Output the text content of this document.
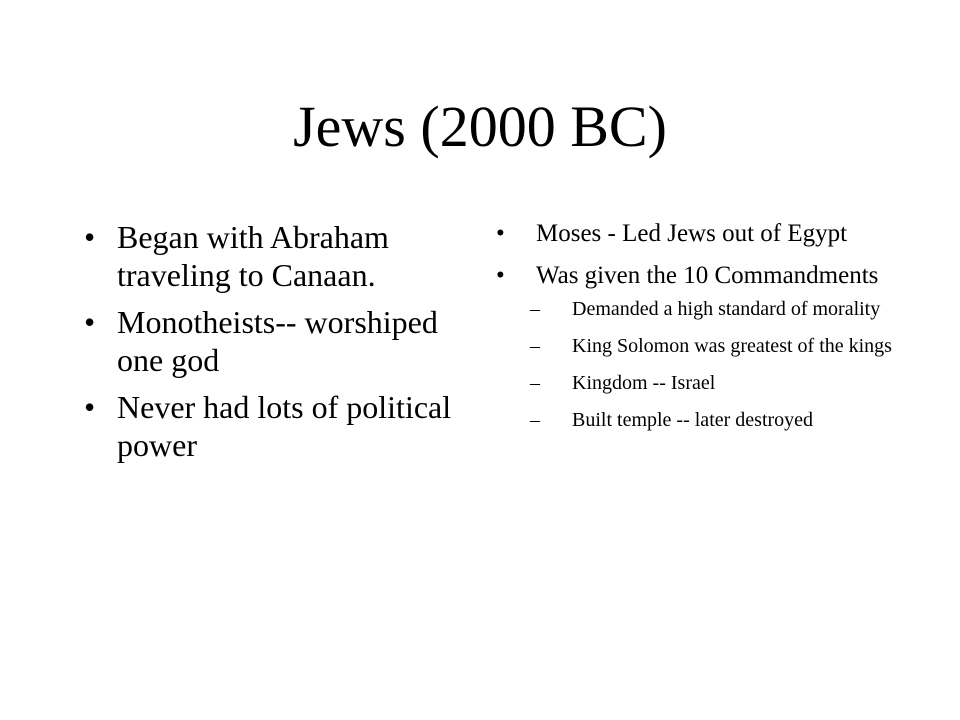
Jews (2000 BC)
• Began with Abraham traveling to Canaan.
• Monotheists-- worshiped one god
• Never had lots of political power
• Moses - Led Jews out of Egypt
• Was given the 10 Commandments
– Demanded a high standard of morality
– King Solomon was greatest of the kings
– Kingdom -- Israel
– Built temple -- later destroyed
